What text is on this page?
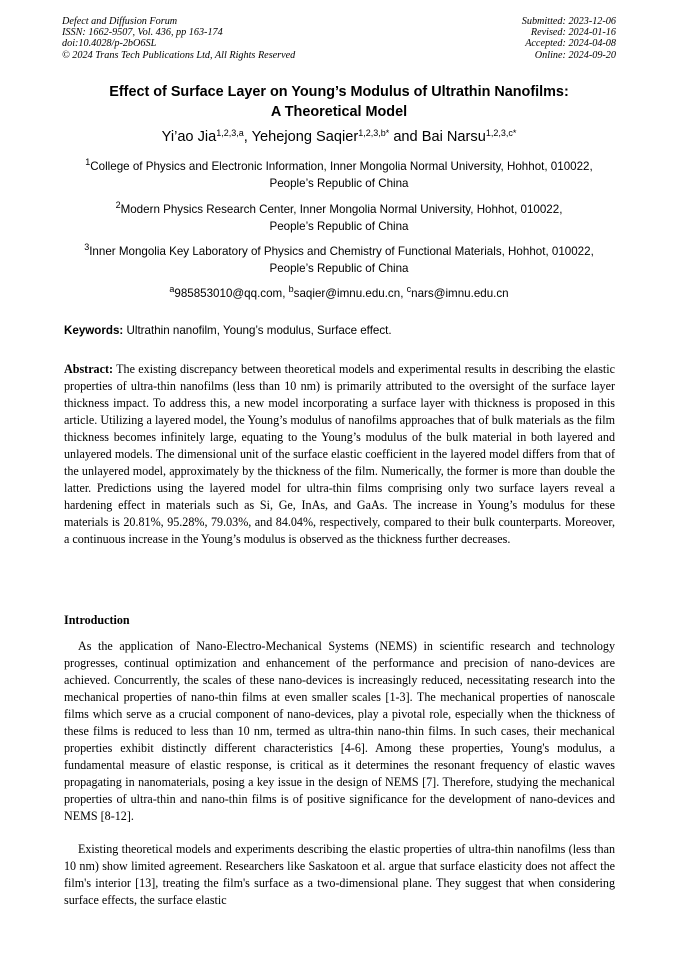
Defect and Diffusion Forum
ISSN: 1662-9507, Vol. 436, pp 163-174
doi:10.4028/p-2bO6SL
© 2024 Trans Tech Publications Ltd, All Rights Reserved
Submitted: 2023-12-06
Revised: 2024-01-16
Accepted: 2024-04-08
Online: 2024-09-20
Effect of Surface Layer on Young’s Modulus of Ultrathin Nanofilms:
A Theoretical Model
Yi’ao Jia$^{1,2,3,a}$, Yehejong Saqier$^{1,2,3,b*}$ and Bai Narsu$^{1,2,3,c*}$
$^1$College of Physics and Electronic Information, Inner Mongolia Normal University, Hohhot, 010022,
People’s Republic of China
$^2$Modern Physics Research Center, Inner Mongolia Normal University, Hohhot, 010022,
People’s Republic of China
$^3$Inner Mongolia Key Laboratory of Physics and Chemistry of Functional Materials, Hohhot, 010022,
People’s Republic of China
$^a$985853010@qq.com, $^b$saqier@imnu.edu.cn, $^c$nars@imnu.edu.cn
Keywords: Ultrathin nanofilm, Young’s modulus, Surface effect.
Abstract: The existing discrepancy between theoretical models and experimental results in describing the elastic properties of ultra-thin nanofilms (less than 10 nm) is primarily attributed to the oversight of the surface layer thickness impact. To address this, a new model incorporating a surface layer with thickness is proposed in this article. Utilizing a layered model, the Young’s modulus of nanofilms approaches that of bulk materials as the film thickness becomes infinitely large, equating to the Young’s modulus of the bulk material in both layered and unlayered models. The dimensional unit of the surface elastic coefficient in the layered model differs from that of the unlayered model, approximately by the thickness of the film. Numerically, the former is more than double the latter. Predictions using the layered model for ultra-thin films comprising only two surface layers reveal a hardening effect in materials such as Si, Ge, InAs, and GaAs. The increase in Young’s modulus for these materials is 20.81%, 95.28%, 79.03%, and 84.04%, respectively, compared to their bulk counterparts. Moreover, a continuous increase in the Young’s modulus is observed as the thickness further decreases.
Introduction
As the application of Nano-Electro-Mechanical Systems (NEMS) in scientific research and technology progresses, continual optimization and enhancement of the performance and precision of nano-devices are achieved. Concurrently, the scales of these nano-devices is increasingly reduced, necessitating research into the mechanical properties of nano-thin films at even smaller scales [1-3]. The mechanical properties of nanoscale films which serve as a crucial component of nano-devices, play a pivotal role, especially when the thickness of these films is reduced to less than 10 nm, termed as ultra-thin nano-thin films. In such cases, their mechanical properties exhibit distinctly different characteristics [4-6]. Among these properties, Young's modulus, a fundamental measure of elastic response, is critical as it determines the resonant frequency of elastic waves propagating in nanomaterials, posing a key issue in the design of NEMS [7]. Therefore, studying the mechanical properties of ultra-thin and nano-thin films is of positive significance for the development of nano-devices and NEMS [8-12].
Existing theoretical models and experiments describing the elastic properties of ultra-thin nanofilms (less than 10 nm) show limited agreement. Researchers like Saskatoon et al. argue that surface elasticity does not affect the film's interior [13], treating the film's surface as a two-dimensional plane. They suggest that when considering surface effects, the surface elastic
